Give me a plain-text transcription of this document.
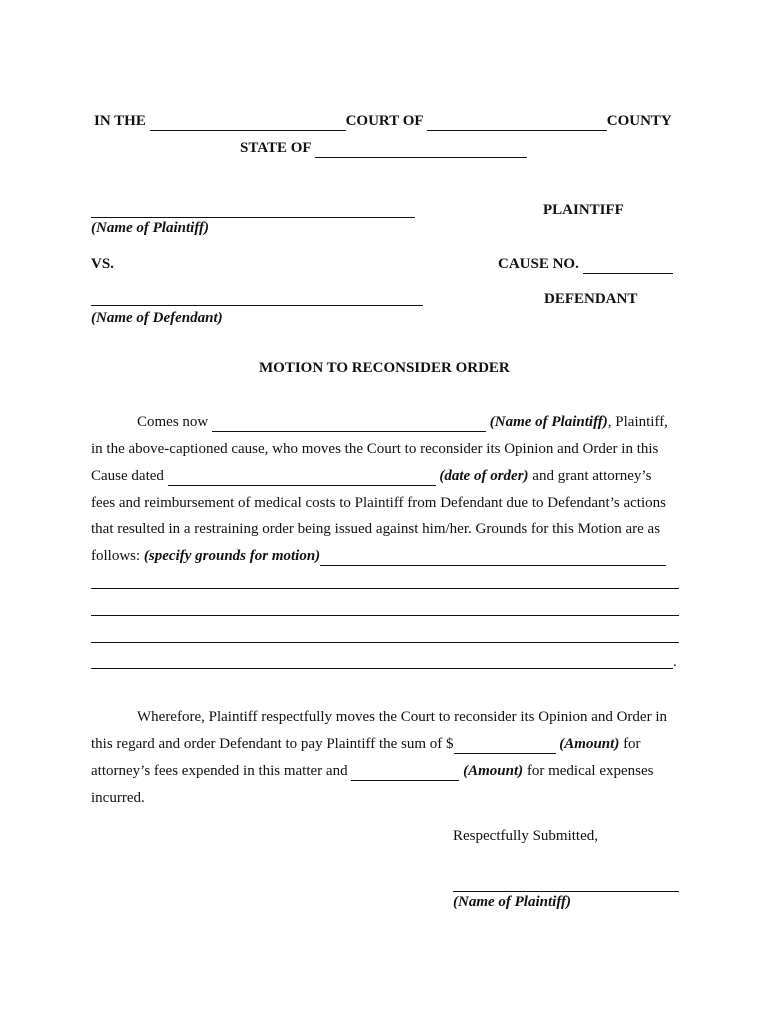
IN THE	COURT OF	COUNTY
STATE OF
PLAINTIFF
(Name of Plaintiff)
VS.	CAUSE NO.
DEFENDANT
(Name of Defendant)
MOTION TO RECONSIDER ORDER
Comes now	(Name of Plaintiff), Plaintiff,
in the above-captioned cause, who moves the Court to reconsider its Opinion and Order in this
Cause dated	(date of order) and grant attorney’s
fees and reimbursement of medical costs to Plaintiff from Defendant due to Defendant’s actions
that resulted in a restraining order being issued against him/her. Grounds for this Motion are as
follows: (specify grounds for motion)
.
Wherefore, Plaintiff respectfully moves the Court to reconsider its Opinion and Order in
this regard and order Defendant to pay Plaintiff the sum of $	(Amount) for
attorney’s fees expended in this matter and	(Amount) for medical expenses
incurred.
Respectfully Submitted,
(Name of Plaintiff)
